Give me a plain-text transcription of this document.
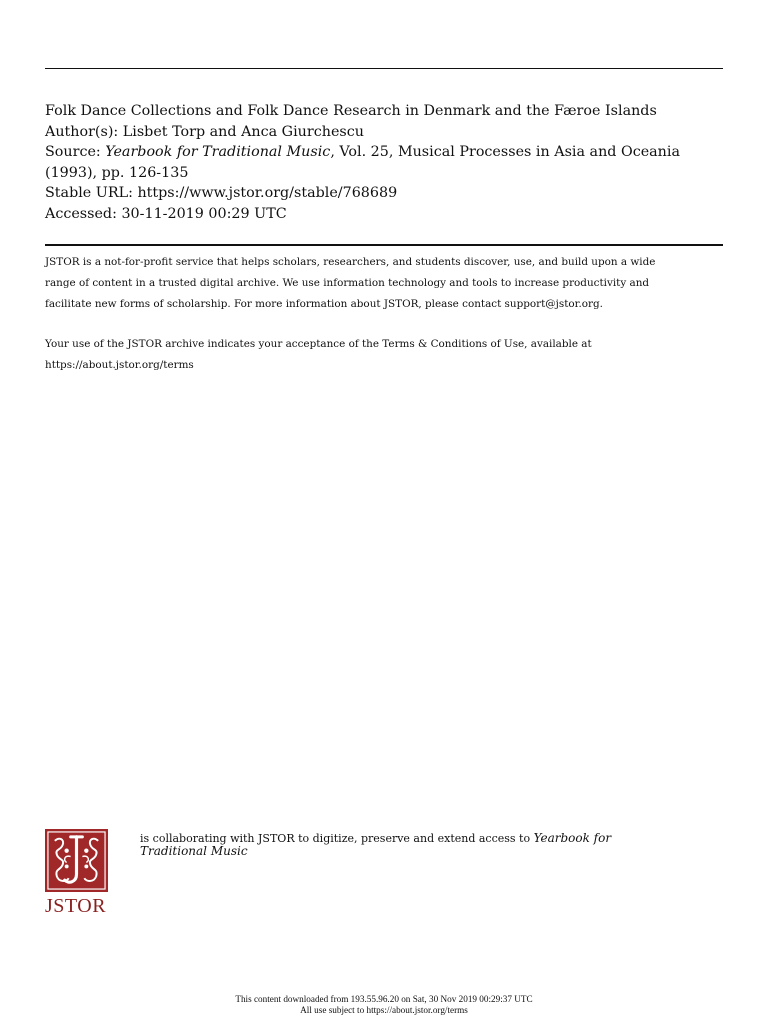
Folk Dance Collections and Folk Dance Research in Denmark and the Færoe Islands
Author(s): Lisbet Torp and Anca Giurchescu
Source: Yearbook for Traditional Music, Vol. 25, Musical Processes in Asia and Oceania
(1993), pp. 126-135
Stable URL: https://www.jstor.org/stable/768689
Accessed: 30-11-2019 00:29 UTC
JSTOR is a not-for-profit service that helps scholars, researchers, and students discover, use, and build upon a wide
range of content in a trusted digital archive. We use information technology and tools to increase productivity and
facilitate new forms of scholarship. For more information about JSTOR, please contact support@jstor.org.
Your use of the JSTOR archive indicates your acceptance of the Terms & Conditions of Use, available at
https://about.jstor.org/terms
JSTOR
is collaborating with JSTOR to digitize, preserve and extend access to Yearbook for
Traditional Music
This content downloaded from 193.55.96.20 on Sat, 30 Nov 2019 00:29:37 UTC
All use subject to https://about.jstor.org/terms
